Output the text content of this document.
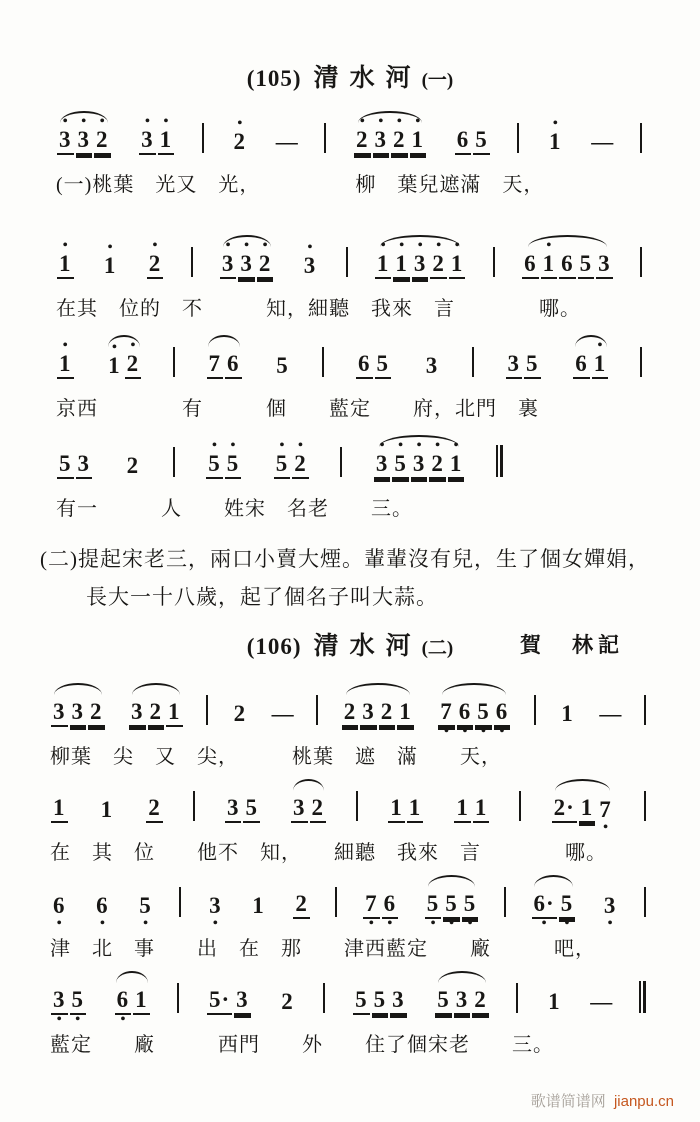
(105) 清水河(一)
•
3

•
3

•
2

•
3

•
1

•
2
—
•
2

•
3

•
2

•
1

6

5

•
1
—
(一)桃葉　光又　光，　　　　　柳　葉兒遮滿　天，
•
1

•
1

•
2

•
3

•
3

•
2

•
3

•
1

•
1

•
3

•
2

•
1

	6

•
1

6

5

3

在其　位的　不　　　知，細聽　我來　言　　　　哪。
•
1

•
1

•
2

	7

6

5

	6

5

3

	3

5

6

•
1

京西　　　　有　　　個　　藍定　　府，北門　裏

5

3

2

•
5

•
5

•
5

•
2

•
3

•
5

•
3

•
2

•
1

有一　　　人　　姓宋　名老　　三。
(二)提起宋老三，兩口小賣大煙。輩輩沒有兒，生了個女嬋娟，
長大一十八歲，起了個名子叫大蒜。
(106) 清水河(二)	賀　林記

3

3

2

3

2

1

2
—
2

3

2

1

7
•

6
•

5
•

6
•

1
—
柳葉　尖　又　尖，　　　桃葉　遮　滿　　天，

1

1

2

	3

5

3

2

	1

1

1

1

	2·

1

7
•
在　其　位　　他不　知，　　細聽　我來　言　　　　哪。

6
•

6
•

5
•

3
•

1

2

7
•

6
•

5
•

5
•

5
•

6·
•

5
•

3
•
津　北　事　　出　在　那　　津西藍定　　廠　　　吧，

3
•

5
•

6
•

1

	5·

3

2

	5

5

3

5

3

2

	1
—
藍定　　廠　　　西門　　外　　住了個宋老　　三。
歌谱简谱网 jianpu.cn
